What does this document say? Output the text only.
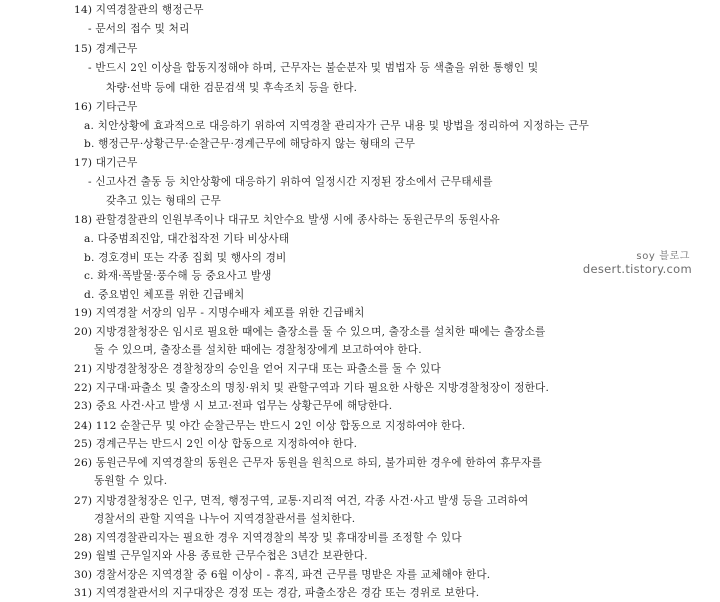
14) 지역경찰관의 행정근무
- 문서의 접수 및 처리
15) 경계근무
- 반드시 2인 이상을 합동지정해야 하며, 근무자는 불순분자 및 범법자 등 색출을 위한 통행인 및
차량·선박 등에 대한 검문검색 및 후속조치 등을 한다.
16) 기타근무
a. 치안상황에 효과적으로 대응하기 위하여 지역경찰 관리자가 근무 내용 및 방법을 정리하여 지정하는 근무
b. 행정근무·상황근무·순찰근무·경계근무에 해당하지 않는 형태의 근무
17) 대기근무
- 신고사건 출동 등 치안상황에 대응하기 위하여 일정시간 지정된 장소에서 근무태세를
갖추고 있는 형태의 근무
18) 관할경찰관의 인원부족이나 대규모 치안수요 발생 시에 종사하는 동원근무의 동원사유
a. 다중범죄진압, 대간첩작전 기타 비상사태
b. 경호경비 또는 각종 집회 및 행사의 경비
c. 화재·폭발물·풍수해 등 중요사고 발생
d. 중요범인 체포를 위한 긴급배치
19) 지역경찰 서장의 임무 - 지명수배자 체포를 위한 긴급배치
20) 지방경찰청장은 임시로 필요한 때에는 출장소를 둘 수 있으며, 출장소를 설치한 때에는 출장소를
둘 수 있으며, 출장소를 설치한 때에는 경찰청장에게 보고하여야 한다.
21) 지방경찰청장은 경찰청장의 승인을 얻어 지구대 또는 파출소를 둘 수 있다
22) 지구대·파출소 및 출장소의 명칭·위치 및 관할구역과 기타 필요한 사항은 지방경찰청장이 정한다.
23) 중요 사건·사고 발생 시 보고·전파 업무는 상황근무에 해당한다.
24) 112 순찰근무 및 야간 순찰근무는 반드시 2인 이상 합동으로 지정하여야 한다.
25) 경계근무는 반드시 2인 이상 합동으로 지정하여야 한다.
26) 동원근무에 지역경찰의 동원은 근무자 동원을 원칙으로 하되, 불가피한 경우에 한하여 휴무자를
동원할 수 있다.
27) 지방경찰청장은 인구, 면적, 행정구역, 교통·지리적 여건, 각종 사건·사고 발생 등을 고려하여
경찰서의 관할 지역을 나누어 지역경찰관서를 설치한다.
28) 지역경찰관리자는 필요한 경우 지역경찰의 복장 및 휴대장비를 조정할 수 있다
29) 월별 근무일지와 사용 종료한 근무수첩은 3년간 보관한다.
30) 경찰서장은 지역경찰 중 6월 이상이 - 휴직, 파견 근무를 명받은 자를 교체해야 한다.
31) 지역경찰관서의 지구대장은 경정 또는 경감, 파출소장은 경감 또는 경위로 보한다.
soy 블로그
desert.tistory.com
